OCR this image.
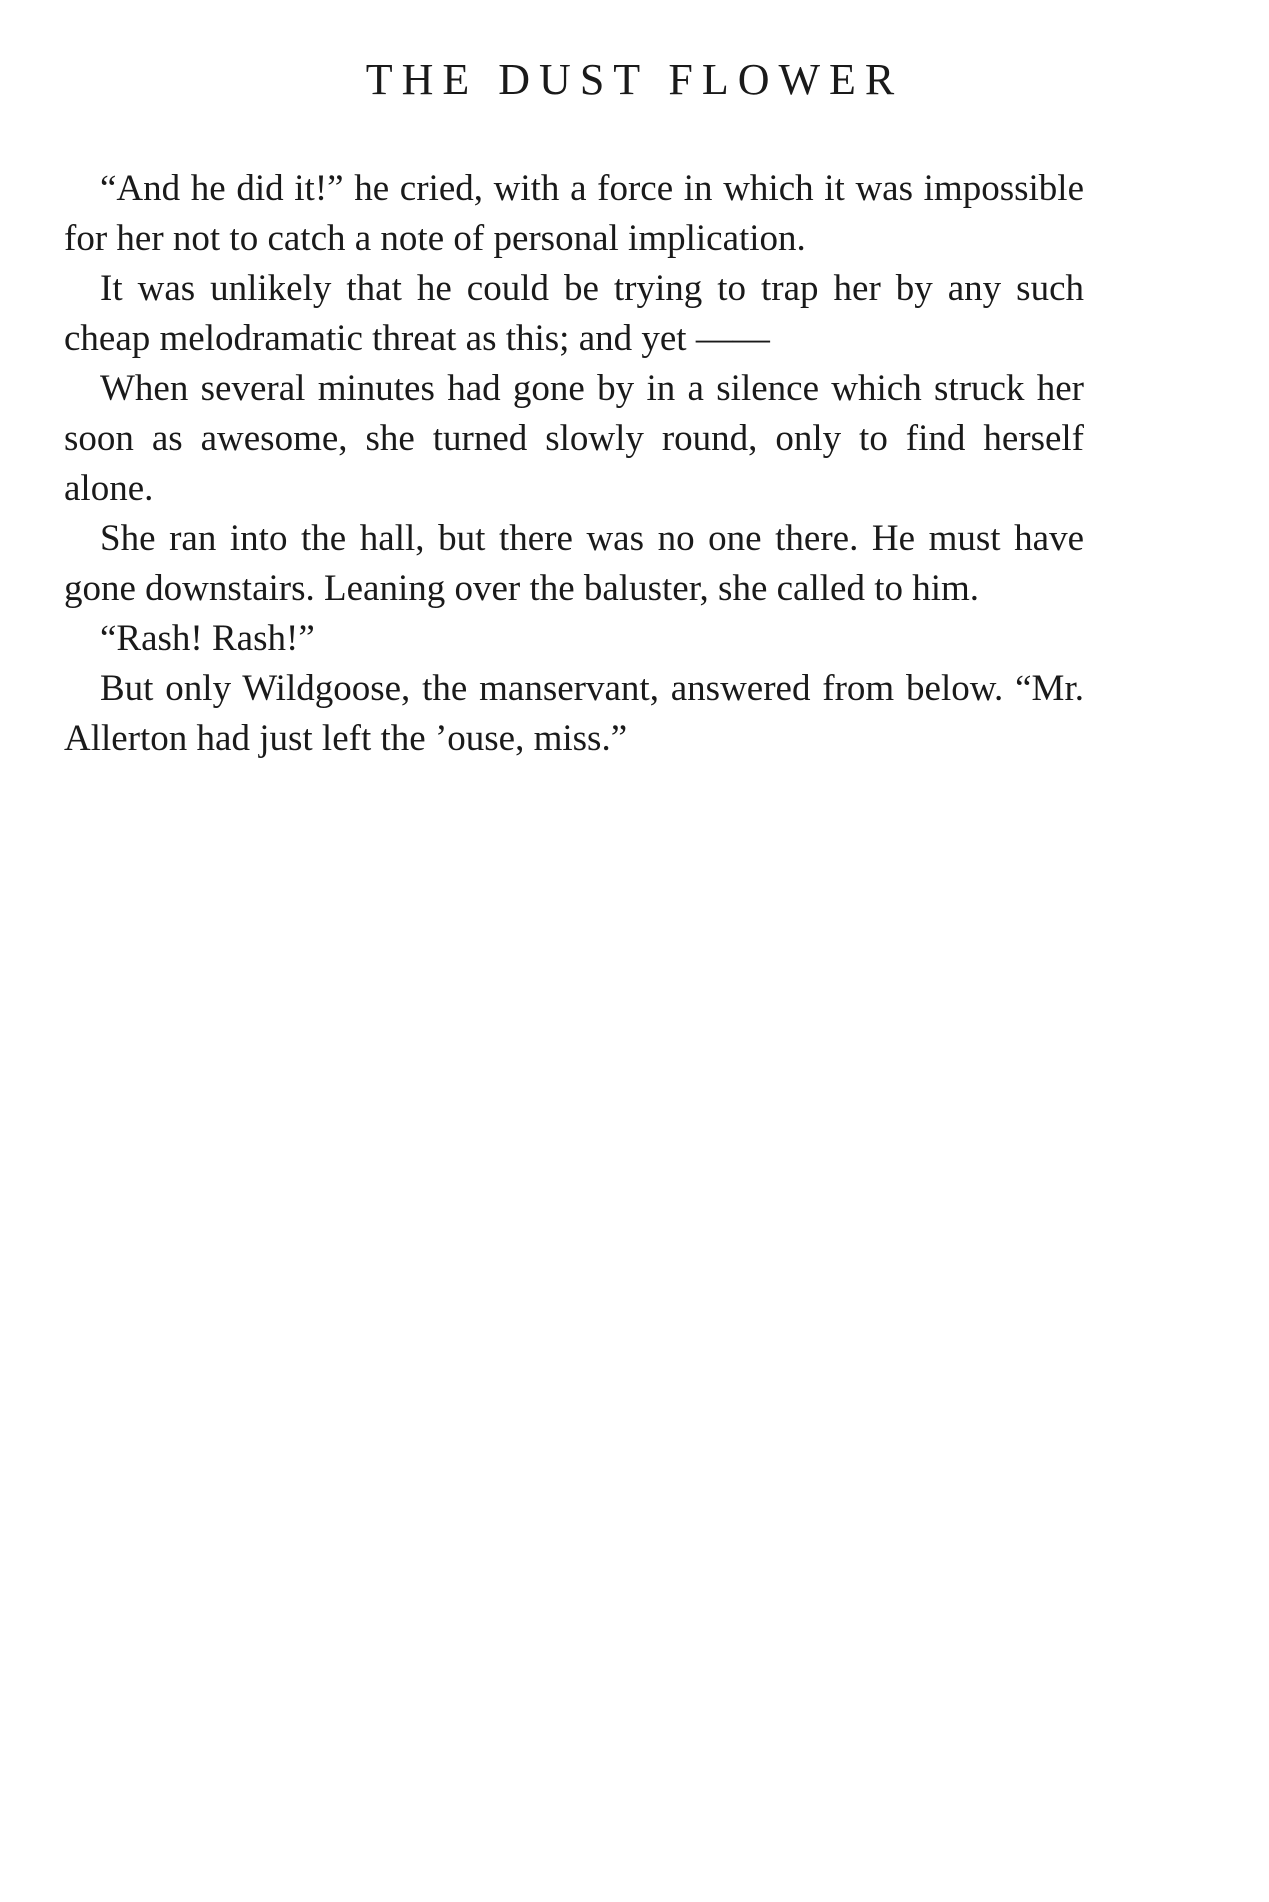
THE DUST FLOWER

“And he did it!” he cried, with a force in which it was impossible for her not to catch a note of personal implication.

It was unlikely that he could be trying to trap her by any such cheap melodramatic threat as this; and yet ——

When several minutes had gone by in a silence which struck her soon as awesome, she turned slowly round, only to find herself alone.

She ran into the hall, but there was no one there. He must have gone downstairs. Leaning over the baluster, she called to him.

“Rash! Rash!”

But only Wildgoose, the manservant, answered from below. “Mr. Allerton had just left the ’ouse, miss.”
